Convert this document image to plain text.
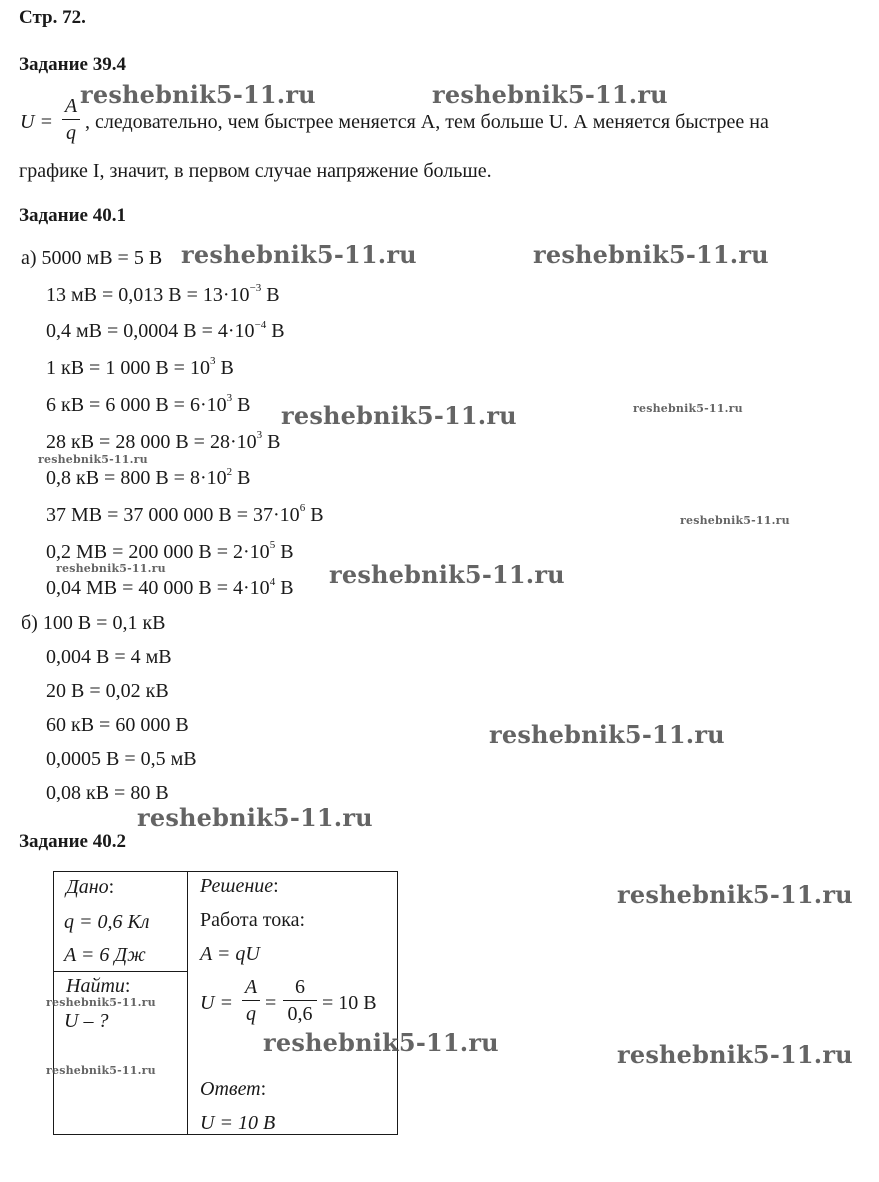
Стр. 72.
Задание 39.4
U =
A
q , следовательно, чем быстрее меняется А, тем больше U. А меняется быстрее на
графике I, значит, в первом случае напряжение больше.
Задание 40.1
а) 5000 мВ = 5 В
13 мВ = 0,013 $В = 13\cdot 10^{-3}$ В
0,4 мВ = 0,0004 $В = 4\cdot 10^{-4}$ В
1 кВ = 1 000 $В = 10^3$ В
6 кВ = 6 000 $В = 6\cdot 10^3$ В
28 кВ = 28 000 $В = 28\cdot 10^3$ В
0,8 кВ = 800 $В = 8\cdot 10^2$ В
37 МВ = 37 000 000 $В = 37\cdot 10^6$ В
0,2 МВ = 200 000 $В = 2\cdot 10^5$ В
0,04 МВ = 40 000 $В = 4\cdot 10^4$ В
б) 100 В = 0,1 кВ
0,004 В = 4 мВ
20 В = 0,02 кВ
60 кВ = 60 000 В
0,0005 В = 0,5 мВ
0,08 кВ = 80 В
Задание 40.2
Дано:
q = 0,6 Кл
A = 6 Дж
Найти:
U – ?
Решение:
Работа тока:
A = qU
U =
A
q =
6
0,6 = 10 В
Ответ:
U = 10 В
reshebnik5-11.ru	reshebnik5-11.ru
reshebnik5-11.ru	reshebnik5-11.ru
reshebnik5-11.ru	reshebnik5-11.ru
reshebnik5-11.ru
reshebnik5-11.ru
reshebnik5-11.ru	reshebnik5-11.ru
reshebnik5-11.ru
reshebnik5-11.ru
reshebnik5-11.ru
reshebnik5-11.ru
reshebnik5-11.ru	reshebnik5-11.ru
reshebnik5-11.ru
